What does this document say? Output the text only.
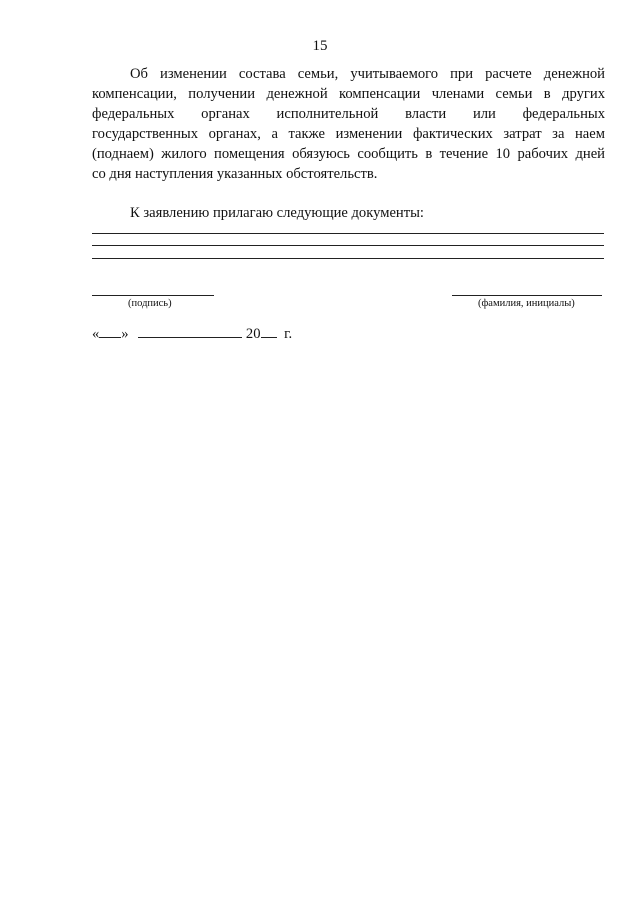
15
Об изменении состава семьи, учитываемого при расчете денежной
компенсации, получении денежной компенсации членами семьи в других
федеральных органах исполнительной власти или федеральных
государственных органах, а также изменении фактических затрат за наем
(поднаем) жилого помещения обязуюсь сообщить в течение 10 рабочих дней
со дня наступления указанных обстоятельств.
К заявлению прилагаю следующие документы:
(подпись)	(фамилия, инициалы)
« »	20 г.
